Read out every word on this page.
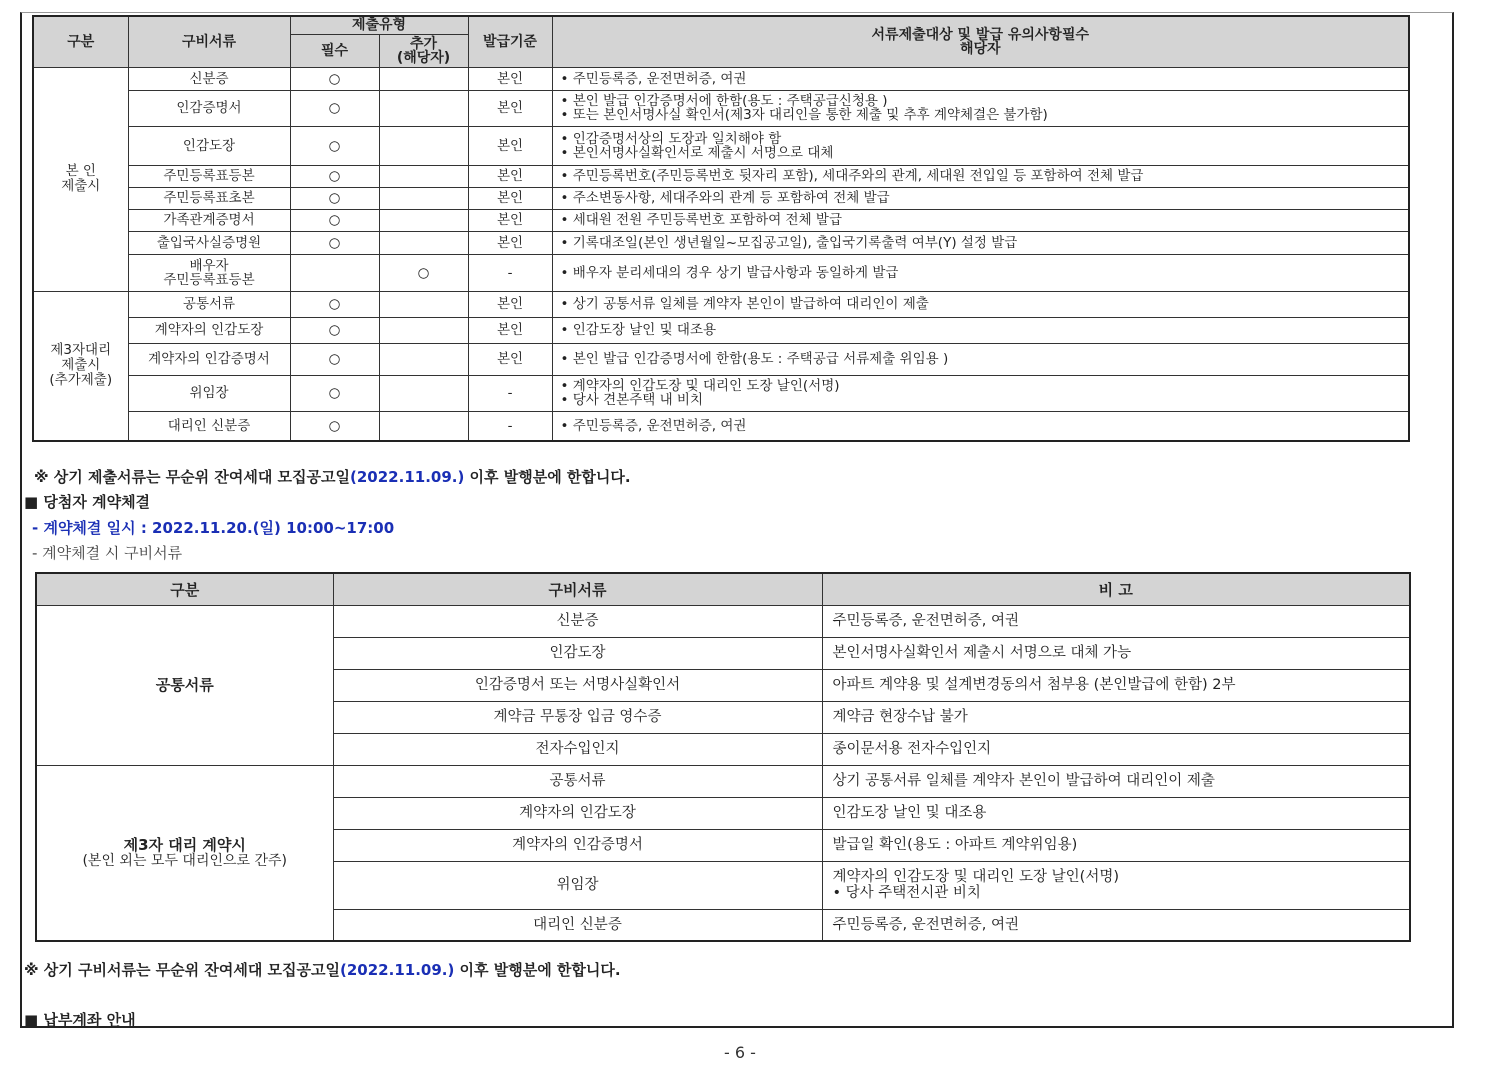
구분	구비서류	제출유형		발급기준	서류제출대상 및 발급 유의사항필수
해당자

		필수	추가
(해당자)		

본 인
제출시	신분증	○		본인	• 주민등록증, 운전면허증, 여권
	인감증명서	○		본인	• 본인 발급 인감증명서에 한함(용도 : 주택공급신청용 )
• 또는 본인서명사실 확인서(제3자 대리인을 통한 제출 및 추후 계약체결은 불가함)

	인감도장	○		본인	• 인감증명서상의 도장과 일치해야 함
• 본인서명사실확인서로 제출시 서명으로 대체

	주민등록표등본	○		본인	• 주민등록번호(주민등록번호 뒷자리 포함), 세대주와의 관계, 세대원 전입일 등 포함하여 전체 발급
	주민등록표초본	○		본인	• 주소변동사항, 세대주와의 관계 등 포함하여 전체 발급
	가족관계증명서	○		본인	• 세대원 전원 주민등록번호 포함하여 전체 발급
	출입국사실증명원	○		본인	• 기록대조일(본인 생년월일~모집공고일), 출입국기록출력 여부(Y) 설정 발급

	배우자
주민등록표등본		○	-	• 배우자 분리세대의 경우 상기 발급사항과 동일하게 발급

제3자대리
제출시
(추가제출)	공통서류	○		본인	• 상기 공통서류 일체를 계약자 본인이 발급하여 대리인이 제출
	계약자의 인감도장	○		본인	• 인감도장 날인 및 대조용
	계약자의 인감증명서	○		본인	• 본인 발급 인감증명서에 한함(용도 : 주택공급 서류제출 위임용 )
	위임장	○		-	• 계약자의 인감도장 및 대리인 도장 날인(서명)
• 당사 견본주택 내 비치

	대리인 신분증	○		-	• 주민등록증, 운전면허증, 여권
※ 상기 제출서류는 무순위 잔여세대 모집공고일(2022.11.09.) 이후 발행분에 한합니다.
■ 당첨자 계약체결
- 계약체결 일시 : 2022.11.20.(일) 10:00~17:00
- 계약체결 시 구비서류
구분	구비서류	비 고
공통서류	신분증	주민등록증, 운전면허증, 여권
	인감도장	본인서명사실확인서 제출시 서명으로 대체 가능
	인감증명서 또는 서명사실확인서	아파트 계약용 및 설계변경동의서 첨부용 (본인발급에 한함) 2부
	계약금 무통장 입금 영수증	계약금 현장수납 불가
	전자수입인지	종이문서용 전자수입인지

제3자 대리 계약시
(본인 외는 모두 대리인으로 간주)	공통서류	상기 공통서류 일체를 계약자 본인이 발급하여 대리인이 제출
	계약자의 인감도장	인감도장 날인 및 대조용
	계약자의 인감증명서	발급일 확인(용도 : 아파트 계약위임용)
	위임장	계약자의 인감도장 및 대리인 도장 날인(서명)
• 당사 주택전시관 비치

	대리인 신분증	주민등록증, 운전면허증, 여권
※ 상기 구비서류는 무순위 잔여세대 모집공고일(2022.11.09.) 이후 발행분에 한합니다.
■ 납부계좌 안내
- 6 -
